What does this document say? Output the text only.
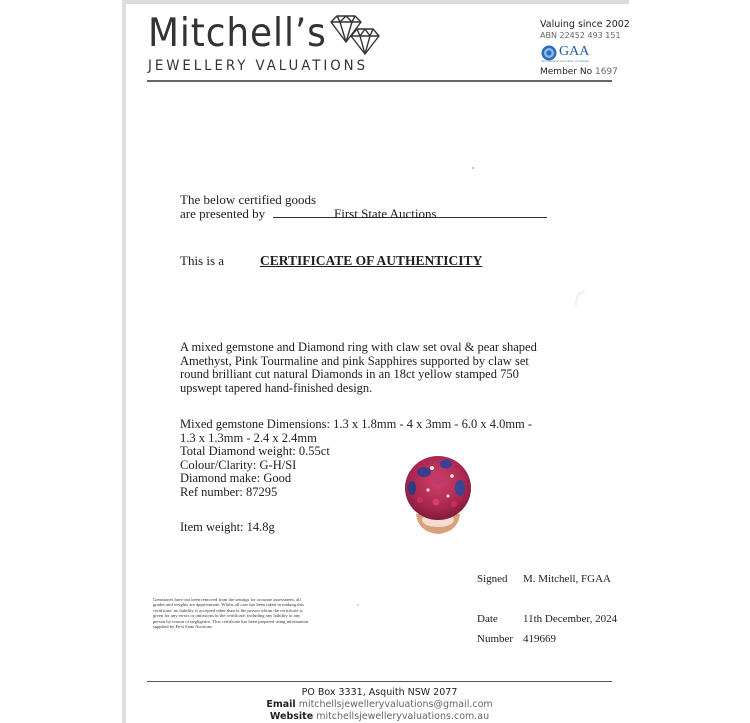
Mitchell’s
JEWELLERY VALUATIONS
Valuing since 2002
ABN 22452 493 151
GAA
Gemmological Association of Australia
Member No 1697
The below certified goods
are presented by	First State Auctions
This is a	CERTIFICATE OF AUTHENTICITY
A mixed gemstone and Diamond ring with claw set oval & pear shaped Amethyst, Pink Tourmaline and pink Sapphires supported by claw set round brilliant cut natural Diamonds in an 18ct yellow stamped 750 upswept tapered hand-finished design.
Mixed gemstone Dimensions: 1.3 x 1.8mm - 4 x 3mm - 6.0 x 4.0mm -
1.3 x 1.3mm - 2.4 x 2.4mm
Total Diamond weight: 0.55ct
Colour/Clarity: G-H/SI
Diamond make: Good
Ref number: 87295
Item weight: 14.8g
Signed M. Mitchell, FGAA
Date 11th December, 2024
Number 419669
Gemstones have not been removed from the settings for accurate assessment, all grades and weights are approximate. Whilst all care has been taken in making this certificate, no liability is accepted other than to the person whom the certificate is given for any errors or omissions in the certificate, including any liability to any person by reason of negligence. This certificate has been prepared using information supplied by First State Auctions.
PO Box 3331, Asquith NSW 2077
Email mitchellsjewelleryvaluations@gmail.com
Website mitchellsjewelleryvaluations.com.au
